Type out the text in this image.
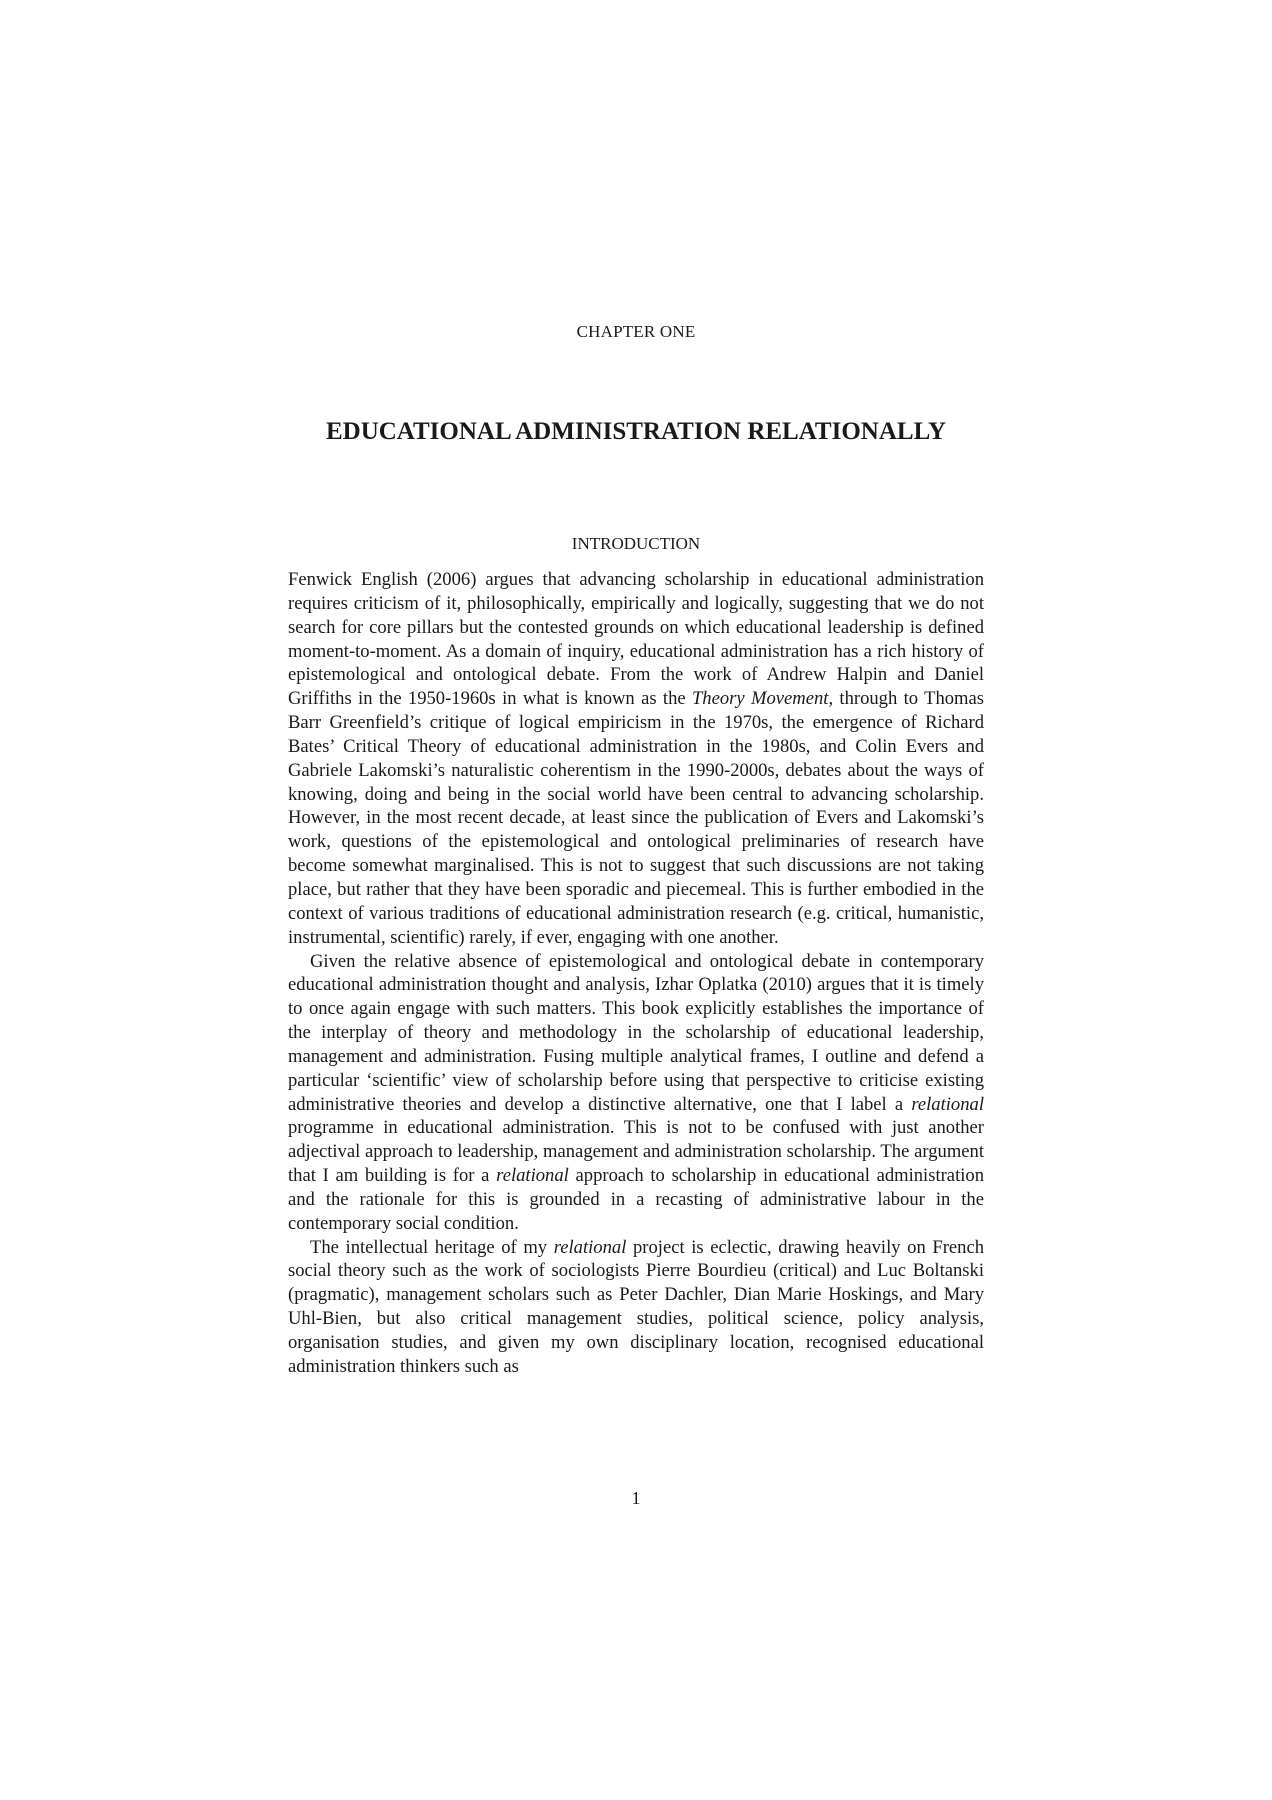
CHAPTER ONE
EDUCATIONAL ADMINISTRATION RELATIONALLY
INTRODUCTION

Fenwick English (2006) argues that advancing scholarship in educational administration requires criticism of it, philosophically, empirically and logically, suggesting that we do not search for core pillars but the contested grounds on which educational leadership is defined moment-to-moment. As a domain of inquiry, educational administration has a rich history of epistemological and ontological debate. From the work of Andrew Halpin and Daniel Griffiths in the 1950-1960s in what is known as the Theory Movement, through to Thomas Barr Greenfield’s critique of logical empiricism in the 1970s, the emergence of Richard Bates’ Critical Theory of educational administration in the 1980s, and Colin Evers and Gabriele Lakomski’s naturalistic coherentism in the 1990-2000s, debates about the ways of knowing, doing and being in the social world have been central to advancing scholarship. However, in the most recent decade, at least since the publication of Evers and Lakomski’s work, questions of the epistemological and ontological preliminaries of research have become somewhat marginalised. This is not to suggest that such discussions are not taking place, but rather that they have been sporadic and piecemeal. This is further embodied in the context of various traditions of educational administration research (e.g. critical, humanistic, instrumental, scientific) rarely, if ever, engaging with one another.

Given the relative absence of epistemological and ontological debate in contemporary educational administration thought and analysis, Izhar Oplatka (2010) argues that it is timely to once again engage with such matters. This book explicitly establishes the importance of the interplay of theory and methodology in the scholarship of educational leadership, management and administration. Fusing multiple analytical frames, I outline and defend a particular ‘scientific’ view of scholarship before using that perspective to criticise existing administrative theories and develop a distinctive alternative, one that I label a relational programme in educational administration. This is not to be confused with just another adjectival approach to leadership, management and administration scholarship. The argument that I am building is for a relational approach to scholarship in educational administration and the rationale for this is grounded in a recasting of administrative labour in the contemporary social condition.

The intellectual heritage of my relational project is eclectic, drawing heavily on French social theory such as the work of sociologists Pierre Bourdieu (critical) and Luc Boltanski (pragmatic), management scholars such as Peter Dachler, Dian Marie Hoskings, and Mary Uhl-Bien, but also critical management studies, political science, policy analysis, organisation studies, and given my own disciplinary location, recognised educational administration thinkers such as

1
